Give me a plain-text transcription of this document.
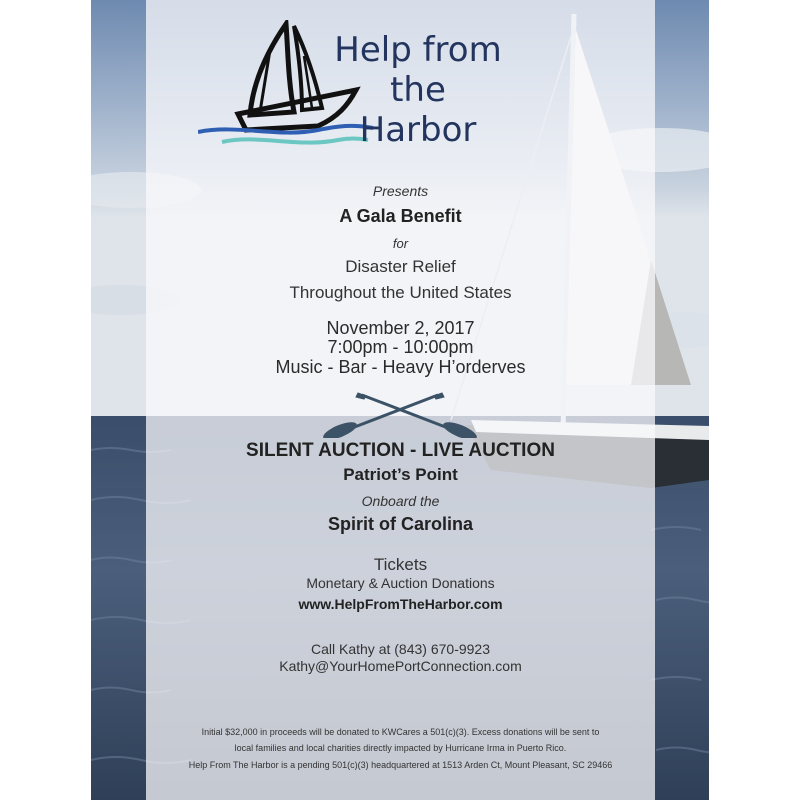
Help from
the
Harbor
Presents
A Gala Benefit
for
Disaster Relief
Throughout the United States
November 2, 2017
7:00pm - 10:00pm
Music - Bar - Heavy H’orderves
SILENT AUCTION - LIVE AUCTION
Patriot’s Point
Onboard the
Spirit of Carolina
Tickets
Monetary & Auction Donations
www.HelpFromTheHarbor.com
Call Kathy at (843) 670-9923
Kathy@YourHomePortConnection.com
Initial $32,000 in proceeds will be donated to KWCares a 501(c)(3). Excess donations will be sent to
local families and local charities directly impacted by Hurricane Irma in Puerto Rico.
Help From The Harbor is a pending 501(c)(3) headquartered at 1513 Arden Ct, Mount Pleasant, SC 29466
